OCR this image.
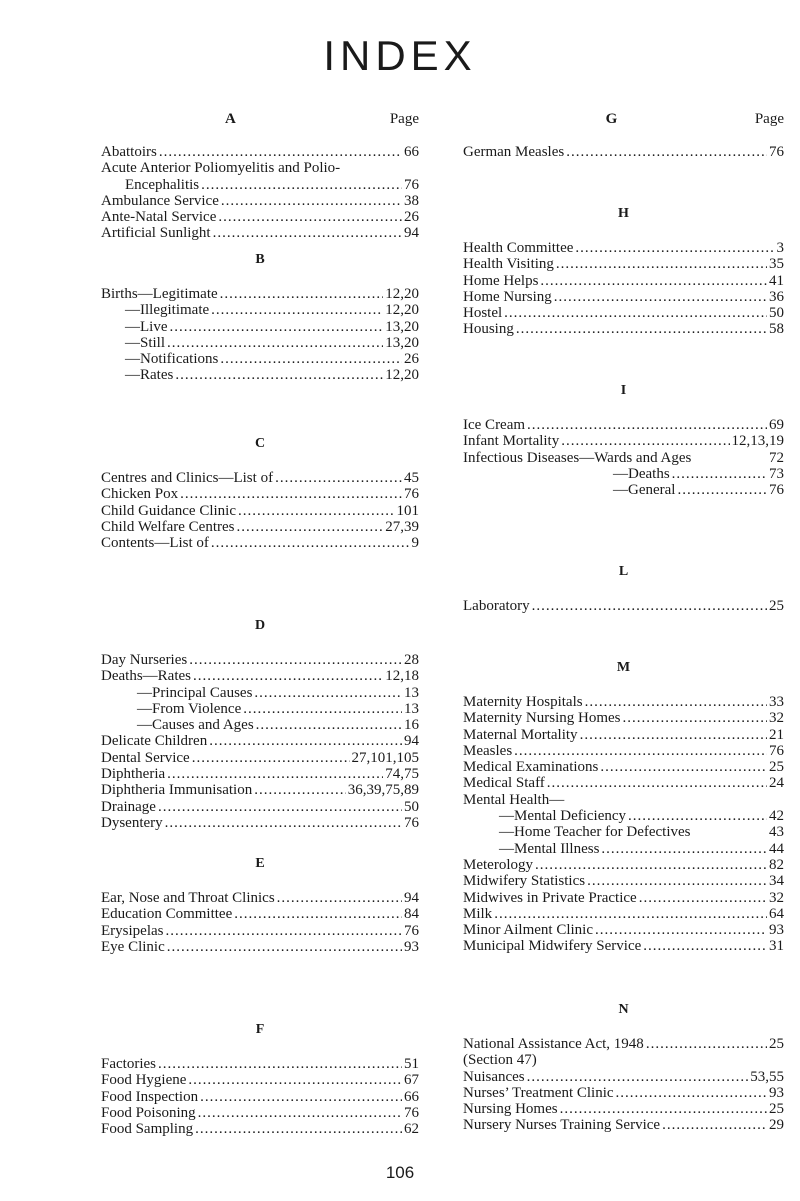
INDEX
A	Page
Abattoirs .....	66
Acute Anterior Poliomyelitis and Polio-
Encephalitis .....	76
Ambulance Service .....	38
Ante-Natal Service .....	26
Artificial Sunlight .....	94
B
Births—Legitimate .....	12,20
—Illegitimate .....	12,20
—Live .....	13,20
—Still .....	13,20
—Notifications .....	26
—Rates .....	12,20
C
Centres and Clinics—List of .....	45
Chicken Pox .....	76
Child Guidance Clinic .....	101
Child Welfare Centres .....	27,39
Contents—List of .....	9
D
Day Nurseries .....	28
Deaths—Rates .....	12,18
—Principal Causes .....	13
—From Violence .....	13
—Causes and Ages .....	16
Delicate Children .....	94
Dental Service .....	27,101,105
Diphtheria .....	74,75
Diphtheria Immunisation .....	36,39,75,89
Drainage .....	50
Dysentery .....	76
E
Ear, Nose and Throat Clinics .....	94
Education Committee .....	84
Erysipelas .....	76
Eye Clinic .....	93
F
Factories .....	51
Food Hygiene .....	67
Food Inspection .....	66
Food Poisoning .....	76
Food Sampling .....	62
G	Page
German Measles .....	76
H
Health Committee .....	3
Health Visiting .....	35
Home Helps .....	41
Home Nursing .....	36
Hostel .....	50
Housing .....	58
I
Ice Cream .....	69
Infant Mortality .....	12,13,19
Infectious Diseases—Wards and Ages	72
—Deaths .....	73
—General .....	76
L
Laboratory .....	25
M
Maternity Hospitals .....	33
Maternity Nursing Homes .....	32
Maternal Mortality .....	21
Measles .....	76
Medical Examinations .....	25
Medical Staff .....	24
Mental Health—
—Mental Deficiency .....	42
—Home Teacher for Defectives	43
—Mental Illness .....	44
Meterology .....	82
Midwifery Statistics .....	34
Midwives in Private Practice .....	32
Milk .....	64
Minor Ailment Clinic .....	93
Municipal Midwifery Service .....	31
N
National Assistance Act, 1948 .....	25
(Section 47)
Nuisances .....	53,55
Nurses’ Treatment Clinic .....	93
Nursing Homes .....	25
Nursery Nurses Training Service .....	29
106
